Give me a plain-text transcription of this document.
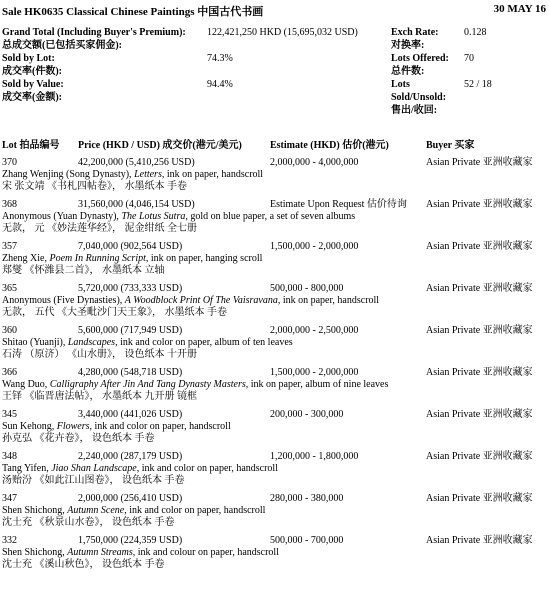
Sale HK0635 Classical Chinese Paintings 中国古代书画	30 MAY 16
Grand Total (Including Buyer's Premium):
总成交额(已包括买家佣金):
122,421,250 HKD (15,695,032 USD)	Exch Rate:
对换率:
0.128
Sold by Lot:
成交率(件数):
74.3%	Lots Offered:
总件数:
70
Sold by Value:
成交率(金额):
94.4%	Lots Sold/Unsold:
售出/收回:
52 / 18
Lot 拍品编号 Price (HKD / USD) 成交价(港元/美元)	Estimate (HKD) 估价(港元)	Buyer 买家
370	42,200,000 (5,410,256 USD)	2,000,000 - 4,000,000	Asian Private 亚洲收藏家
Zhang Wenjing (Song Dynasty), Letters, ink on paper, handscroll
宋 张文靖 《书札四帖卷》， 水墨纸本 手卷
368	31,560,000 (4,046,154 USD)	Estimate Upon Request 估价待询 Asian Private 亚洲收藏家
Anonymous (Yuan Dynasty), The Lotus Sutra, gold on blue paper, a set of seven albums
无款， 元 《妙法莲华经》， 泥金绀纸 全七册
357	7,040,000 (902,564 USD)	1,500,000 - 2,000,000	Asian Private 亚洲收藏家
Zheng Xie, Poem In Running Script, ink on paper, hanging scroll
郑燮 《怀潍县二首》， 水墨纸本 立轴
365	5,720,000 (733,333 USD)	500,000 - 800,000	Asian Private 亚洲收藏家
Anonymous (Five Dynasties), A Woodblock Print Of The Vaisravana, ink on paper, handscroll
无款， 五代 《大圣毗沙门天王象》， 水墨纸本 手卷
360	5,600,000 (717,949 USD)	2,000,000 - 2,500,000	Asian Private 亚洲收藏家
Shitao (Yuanji), Landscapes, ink and color on paper, album of ten leaves
石涛 （原济） 《山水册》， 设色纸本 十开册
366	4,280,000 (548,718 USD)	1,500,000 - 2,000,000	Asian Private 亚洲收藏家
Wang Duo, Calligraphy After Jin And Tang Dynasty Masters, ink on paper, album of nine leaves
王铎 《临晋唐法帖》， 水墨纸本 九开册 镜框
345	3,440,000 (441,026 USD)	200,000 - 300,000	Asian Private 亚洲收藏家
Sun Kehong, Flowers, ink and color on paper, handscroll
孙克弘 《花卉卷》， 设色纸本 手卷
348	2,240,000 (287,179 USD)	1,200,000 - 1,800,000	Asian Private 亚洲收藏家
Tang Yifen, Jiao Shan Landscape, ink and color on paper, handscroll
汤贻汾 《如此江山图卷》， 设色纸本 手卷
347	2,000,000 (256,410 USD)	280,000 - 380,000	Asian Private 亚洲收藏家
Shen Shichong, Autumn Scene, ink and color on paper, handscroll
沈士充 《秋景山水卷》， 设色纸本 手卷
332	1,750,000 (224,359 USD)	500,000 - 700,000	Asian Private 亚洲收藏家
Shen Shichong, Autumn Streams, ink and colour on paper, handscroll
沈士充 《溪山秋色》， 设色纸本 手卷
